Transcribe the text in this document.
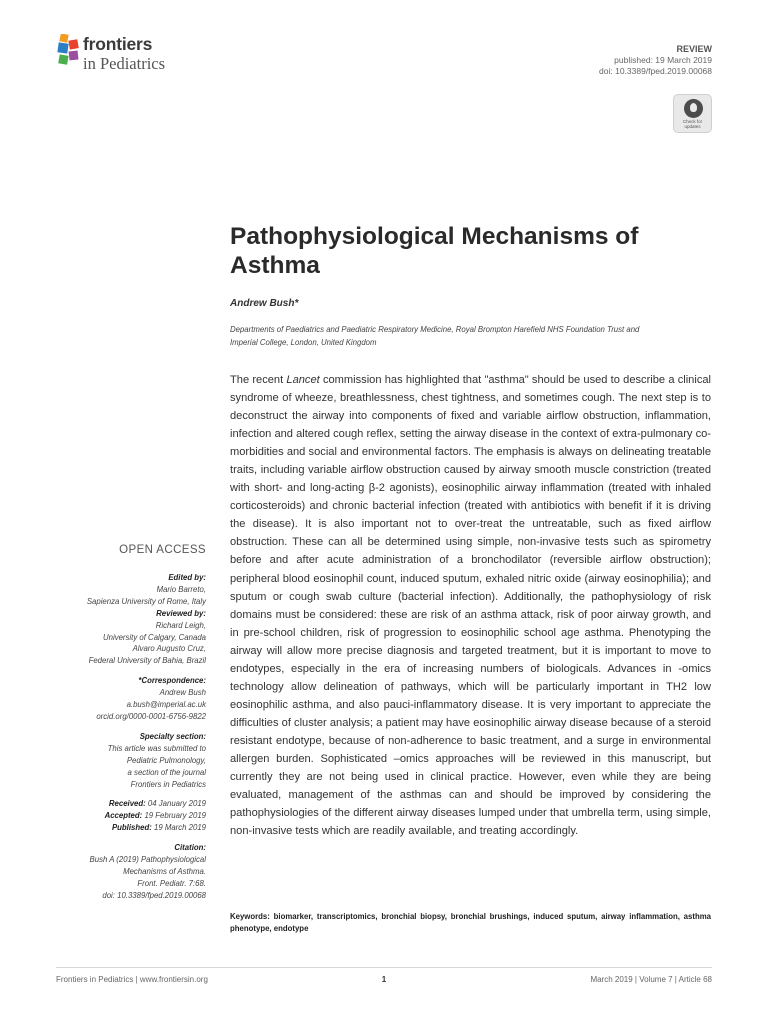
frontiers
in Pediatrics
REVIEW
published: 19 March 2019
doi: 10.3389/fped.2019.00068
Check for
updates
Pathophysiological Mechanisms of
Asthma
Andrew Bush*
Departments of Paediatrics and Paediatric Respiratory Medicine, Royal Brompton Harefield NHS Foundation Trust and
Imperial College, London, United Kingdom

The recent Lancet commission has highlighted that "asthma" should be used to describe a clinical syndrome of wheeze, breathlessness, chest tightness, and sometimes cough. The next step is to deconstruct the airway into components of fixed and variable airflow obstruction, inflammation, infection and altered cough reflex, setting the airway disease in the context of extra-pulmonary co-morbidities and social and environmental factors. The emphasis is always on delineating treatable traits, including variable airflow obstruction caused by airway smooth muscle constriction (treated with short- and long-acting β-2 agonists), eosinophilic airway inflammation (treated with inhaled corticosteroids) and chronic bacterial infection (treated with antibiotics with benefit if it is driving the disease). It is also important not to over-treat the untreatable, such as fixed airflow obstruction. These can all be determined using simple, non-invasive tests such as spirometry before and after acute administration of a bronchodilator (reversible airflow obstruction); peripheral blood eosinophil count, induced sputum, exhaled nitric oxide (airway eosinophilia); and sputum or cough swab culture (bacterial infection). Additionally, the pathophysiology of risk domains must be considered: these are risk of an asthma attack, risk of poor airway growth, and in pre-school children, risk of progression to eosinophilic school age asthma. Phenotyping the airway will allow more precise diagnosis and targeted treatment, but it is important to move to endotypes, especially in the era of increasing numbers of biologicals. Advances in -omics technology allow delineation of pathways, which will be particularly important in TH2 low eosinophilic asthma, and also pauci-inflammatory disease. It is very important to appreciate the difficulties of cluster analysis; a patient may have eosinophilic airway disease because of a steroid resistant endotype, because of non-adherence to basic treatment, and a surge in environmental allergen burden. Sophisticated –omics approaches will be reviewed in this manuscript, but currently they are not being used in clinical practice. However, even while they are being evaluated, management of the asthmas can and should be improved by considering the pathophysiologies of the different airway diseases lumped under that umbrella term, using simple, non-invasive tests which are readily available, and treating accordingly.

Keywords: biomarker, transcriptomics, bronchial biopsy, bronchial brushings, induced sputum, airway inflammation, asthma phenotype, endotype

OPEN ACCESS
Edited by:
Mario Barreto,
Sapienza University of Rome, Italy
Reviewed by:
Richard Leigh,
University of Calgary, Canada
Alvaro Augusto Cruz,
Federal University of Bahia, Brazil
*Correspondence:
Andrew Bush
a.bush@imperial.ac.uk
orcid.org/0000-0001-6756-9822
Specialty section:
This article was submitted to
Pediatric Pulmonology,
a section of the journal
Frontiers in Pediatrics
Received: 04 January 2019
Accepted: 19 February 2019
Published: 19 March 2019
Citation:
Bush A (2019) Pathophysiological
Mechanisms of Asthma.
Front. Pediatr. 7:68.
doi: 10.3389/fped.2019.00068
Frontiers in Pediatrics | www.frontiersin.org	1	March 2019 | Volume 7 | Article 68
